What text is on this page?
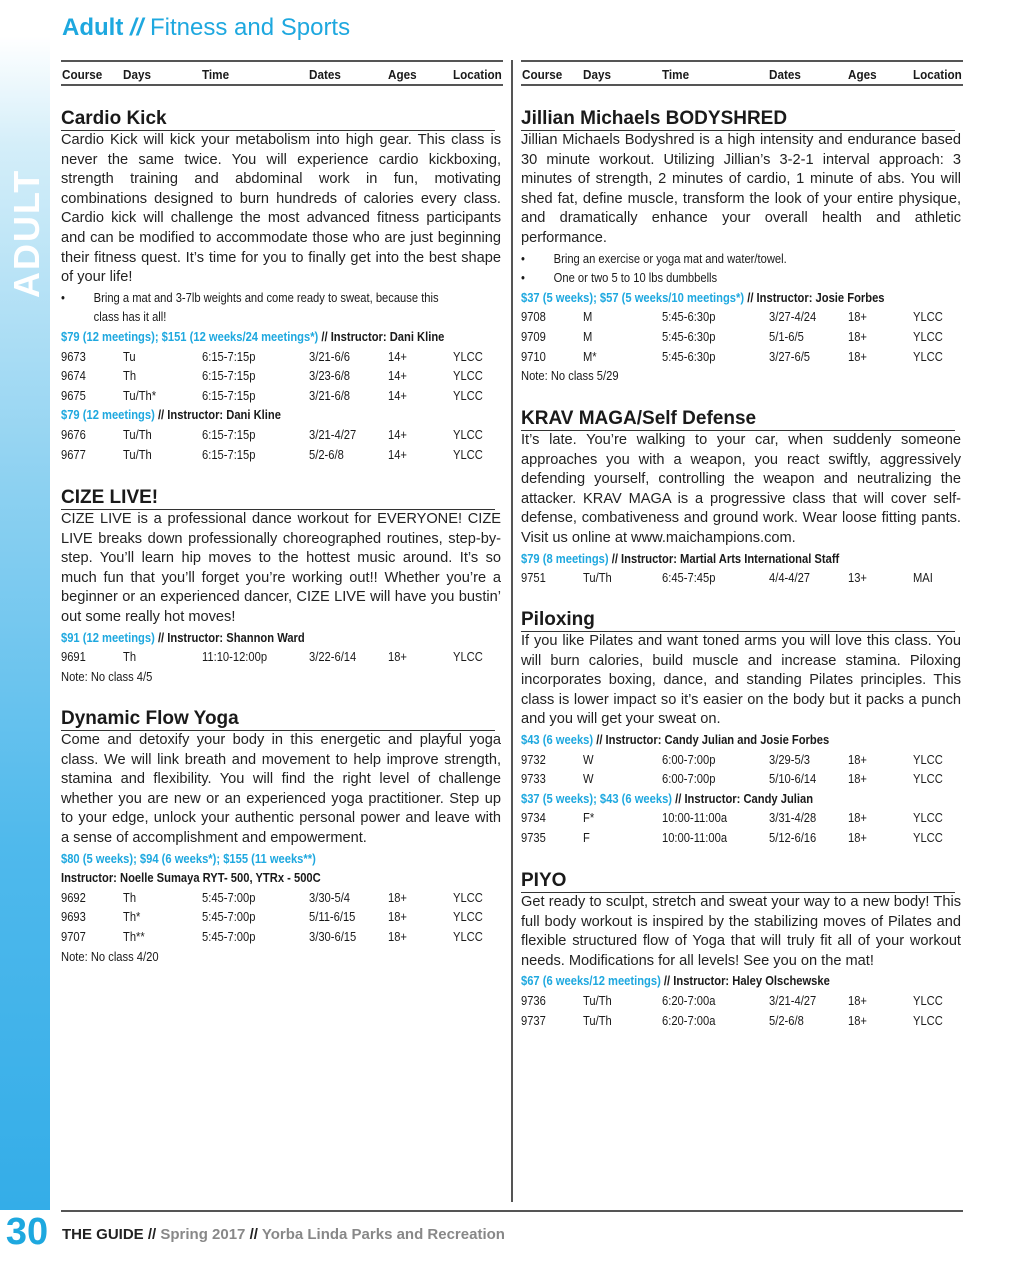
ADULT
Adult // Fitness and Sports
Course Days	Time	Dates	Ages	Location Course Days	Time	Dates	Ages	Location
Cardio Kick
Cardio Kick will kick your metabolism into high gear. This class is never the same twice. You will experience cardio kickboxing, strength training and abdominal work in fun, motivating combinations designed to burn hundreds of calories every class. Cardio kick will challenge the most advanced fitness participants and can be modified to accommodate those who are just beginning their fitness quest. It’s time for you to finally get into the best shape of your life!
• Bring a mat and 3-7lb weights and come ready to sweat, because this
class has it all!
$79 (12 meetings); $151 (12 weeks/24 meetings*) // Instructor: Dani Kline
9673	Tu	6:15-7:15p	3/21-6/6	14+	YLCC
9674	Th	6:15-7:15p	3/23-6/8	14+	YLCC
9675	Tu/Th*	6:15-7:15p	3/21-6/8	14+	YLCC
$79 (12 meetings) // Instructor: Dani Kline
9676	Tu/Th	6:15-7:15p	3/21-4/27 14+	YLCC
9677	Tu/Th	6:15-7:15p	5/2-6/8	14+	YLCC
CIZE LIVE!
CIZE LIVE is a professional dance workout for EVERYONE! CIZE LIVE breaks down professionally choreographed routines, step-by-step. You’ll learn hip moves to the hottest music around. It’s so much fun that you’ll forget you’re working out!! Whether you’re a beginner or an experienced dancer, CIZE LIVE will have you bustin’ out some really hot moves!
$91 (12 meetings) // Instructor: Shannon Ward
9691	Th	11:10-12:00p	3/22-6/14 18+	YLCC
Note: No class 4/5
Dynamic Flow Yoga
Come and detoxify your body in this energetic and playful yoga class. We will link breath and movement to help improve strength, stamina and flexibility. You will find the right level of challenge whether you are new or an experienced yoga practitioner. Step up to your edge, unlock your authentic personal power and leave with a sense of accomplishment and empowerment.
$80 (5 weeks); $94 (6 weeks*); $155 (11 weeks**)
Instructor: Noelle Sumaya RYT- 500, YTRx - 500C
9692	Th	5:45-7:00p	3/30-5/4	18+	YLCC
9693	Th*	5:45-7:00p	5/11-6/15	18+	YLCC
9707	Th**	5:45-7:00p	3/30-6/15 18+	YLCC
Note: No class 4/20
Jillian Michaels BODYSHRED
Jillian Michaels Bodyshred is a high intensity and endurance based 30 minute workout. Utilizing Jillian’s 3-2-1 interval approach: 3 minutes of strength, 2 minutes of cardio, 1 minute of abs. You will shed fat, define muscle, transform the look of your entire physique, and dramatically enhance your overall health and athletic performance.
• Bring an exercise or yoga mat and water/towel.
• One or two 5 to 10 lbs dumbbells
$37 (5 weeks); $57 (5 weeks/10 meetings*) // Instructor: Josie Forbes
9708	M	5:45-6:30p	3/27-4/24 18+	YLCC
9709	M	5:45-6:30p	5/1-6/5	18+	YLCC
9710	M*	5:45-6:30p	3/27-6/5	18+	YLCC
Note: No class 5/29
KRAV MAGA/Self Defense
It’s late. You’re walking to your car, when suddenly someone approaches you with a weapon, you react swiftly, aggressively defending yourself, controlling the weapon and neutralizing the attacker. KRAV MAGA is a progressive class that will cover self-defense, combativeness and ground work. Wear loose fitting pants. Visit us online at www.maichampions.com.
$79 (8 meetings) // Instructor: Martial Arts International Staff
9751	Tu/Th	6:45-7:45p	4/4-4/27	13+	MAI
Piloxing
If you like Pilates and want toned arms you will love this class. You will burn calories, build muscle and increase stamina. Piloxing incorporates boxing, dance, and standing Pilates principles. This class is lower impact so it’s easier on the body but it packs a punch and you will get your sweat on.
$43 (6 weeks) // Instructor: Candy Julian and Josie Forbes
9732	W	6:00-7:00p	3/29-5/3	18+	YLCC
9733	W	6:00-7:00p	5/10-6/14 18+	YLCC
$37 (5 weeks); $43 (6 weeks) // Instructor: Candy Julian
9734	F*	10:00-11:00a	3/31-4/28 18+	YLCC
9735	F	10:00-11:00a	5/12-6/16 18+	YLCC
PIYO
Get ready to sculpt, stretch and sweat your way to a new body! This full body workout is inspired by the stabilizing moves of Pilates and flexible structured flow of Yoga that will truly fit all of your workout needs. Modifications for all levels! See you on the mat!
$67 (6 weeks/12 meetings) // Instructor: Haley Olschewske
9736	Tu/Th	6:20-7:00a	3/21-4/27 18+	YLCC
9737	Tu/Th	6:20-7:00a	5/2-6/8	18+	YLCC
30 THE GUIDE // Spring 2017 // Yorba Linda Parks and Recreation
